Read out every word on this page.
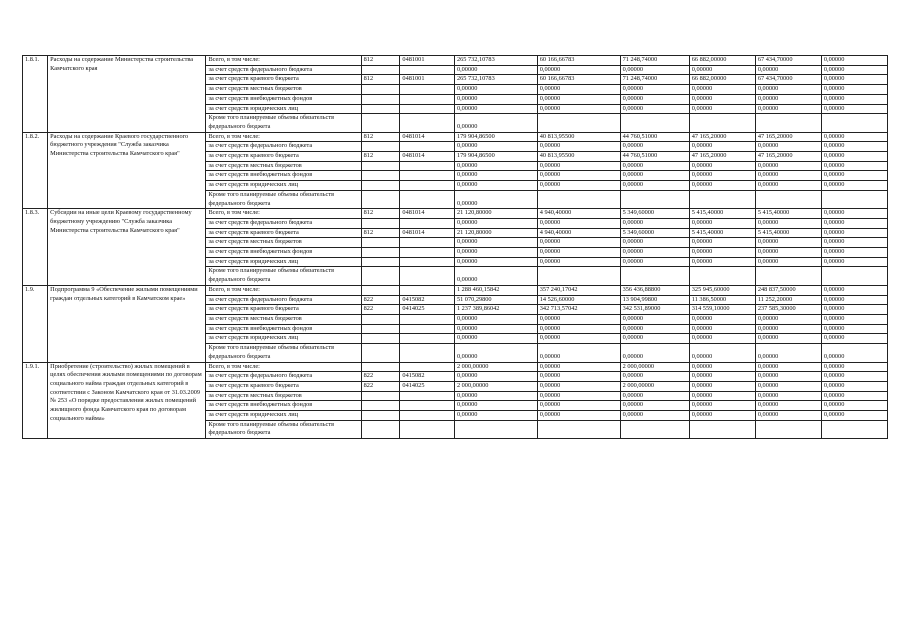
1.8.1.	Расходы на содержание Министерства строительства Камчатского края	Всего, в том числе:	812	0481001	265 732,10783	60 166,66783	71 248,74000	66 882,00000	67 434,70000	0,00000
		за счет средств федерального бюджета			0,00000	0,00000	0,00000	0,00000	0,00000	0,00000
		за счет средств краевого бюджета	812	0481001	265 732,10783	60 166,66783	71 248,74000	66 882,00000	67 434,70000	0,00000
		за счет средств местных бюджетов			0,00000	0,00000	0,00000	0,00000	0,00000	0,00000
		за счет средств внебюджетных фондов			0,00000	0,00000	0,00000	0,00000	0,00000	0,00000
		за счет средств юридических лиц			0,00000	0,00000	0,00000	0,00000	0,00000	0,00000
		Кроме того планируемые объемы обязательств федерального бюджета			0,00000					
1.8.2.	Расходы на содержание Краевого государственного бюджетного учреждения "Служба заказчика Министерства строительства Камчатского края"	Всего, в том числе:	812	0481014	179 904,86500	40 813,95500	44 760,51000	47 165,20000	47 165,20000	0,00000
		за счет средств федерального бюджета			0,00000	0,00000	0,00000	0,00000	0,00000	0,00000
		за счет средств краевого бюджета	812	0481014	179 904,86500	40 813,95500	44 760,51000	47 165,20000	47 165,20000	0,00000
		за счет средств местных бюджетов			0,00000	0,00000	0,00000	0,00000	0,00000	0,00000
		за счет средств внебюджетных фондов			0,00000	0,00000	0,00000	0,00000	0,00000	0,00000
		за счет средств юридических лиц			0,00000	0,00000	0,00000	0,00000	0,00000	0,00000
		Кроме того планируемые объемы обязательств федерального бюджета			0,00000					
1.8.3.	Субсидии на иные цели Краевому государственному бюджетному учреждению "Служба заказчика Министерства строительства Камчатского края"	Всего, в том числе:	812	0481014	21 120,80000	4 940,40000	5 349,60000	5 415,40000	5 415,40000	0,00000
		за счет средств федерального бюджета			0,00000	0,00000	0,00000	0,00000	0,00000	0,00000
		за счет средств краевого бюджета	812	0481014	21 120,80000	4 940,40000	5 349,60000	5 415,40000	5 415,40000	0,00000
		за счет средств местных бюджетов			0,00000	0,00000	0,00000	0,00000	0,00000	0,00000
		за счет средств внебюджетных фондов			0,00000	0,00000	0,00000	0,00000	0,00000	0,00000
		за счет средств юридических лиц			0,00000	0,00000	0,00000	0,00000	0,00000	0,00000
		Кроме того планируемые объемы обязательств федерального бюджета			0,00000					
1.9.	Подпрограмма 9 «Обеспечение жилыми помещениями граждан отдельных категорий в Камчатском крае»	Всего, в том числе:			1 288 460,15842	357 240,17042	356 436,88800	325 945,60000	248 837,50000	0,00000
		за счет средств федерального бюджета	822	0415082	51 070,29800	14 526,60000	13 904,99800	11 386,50000	11 252,20000	0,00000
		за счет средств краевого бюджета	822	0414025	1 237 389,86042	342 713,57042	342 531,89000	314 559,10000	237 585,30000	0,00000
		за счет средств местных бюджетов			0,00000	0,00000	0,00000	0,00000	0,00000	0,00000
		за счет средств внебюджетных фондов			0,00000	0,00000	0,00000	0,00000	0,00000	0,00000
		за счет средств юридических лиц			0,00000	0,00000	0,00000	0,00000	0,00000	0,00000
		Кроме того планируемые объемы обязательств федерального бюджета			0,00000	0,00000	0,00000	0,00000	0,00000	0,00000
1.9.1.	Приобретение (строительство) жилых помещений в целях обеспечения жилыми помещениями по договорам социального найма граждан отдельных категорий в соответствии с Законом Камчатского края от 31.03.2009 № 253 «О порядке предоставления жилых помещений жилищного фонда Камчатского края по договорам социального найма»	Всего, в том числе:			2 000,00000	0,00000	2 000,00000	0,00000	0,00000	0,00000
		за счет средств федерального бюджета	822	0415082	0,00000	0,00000	0,00000	0,00000	0,00000	0,00000
		за счет средств краевого бюджета	822	0414025	2 000,00000	0,00000	2 000,00000	0,00000	0,00000	0,00000
		за счет средств местных бюджетов			0,00000	0,00000	0,00000	0,00000	0,00000	0,00000
		за счет средств внебюджетных фондов			0,00000	0,00000	0,00000	0,00000	0,00000	0,00000
		за счет средств юридических лиц			0,00000	0,00000	0,00000	0,00000	0,00000	0,00000
		Кроме того планируемые объемы обязательств федерального бюджета								
